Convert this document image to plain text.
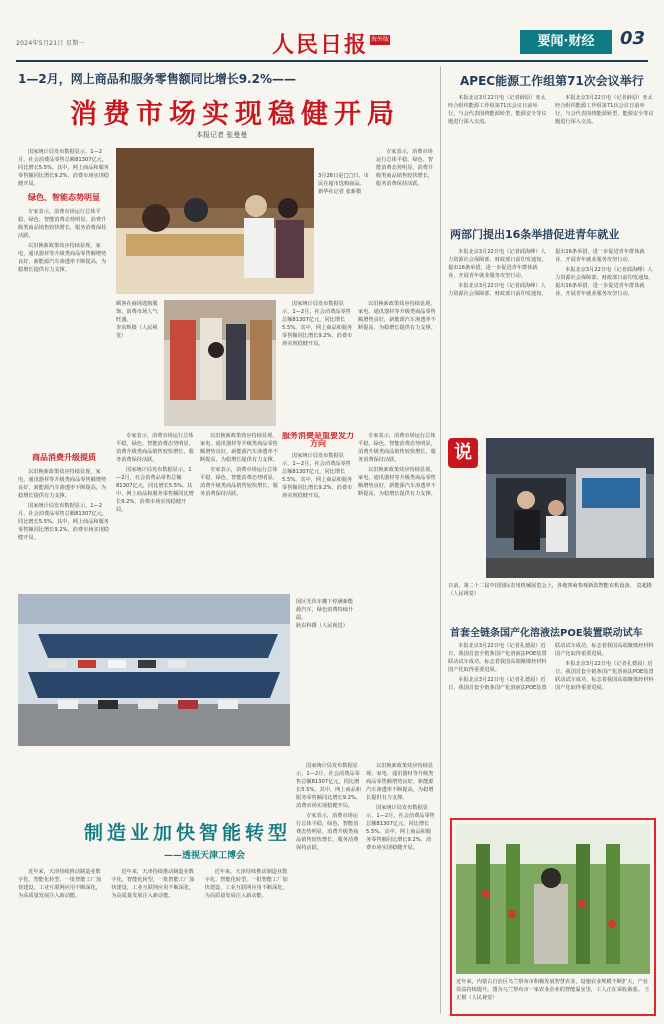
2024年5月21日 星期一	人民日报 海外版	要闻·财经	03
1—2月，网上商品和服务零售额同比增长9.2%——
消费市场实现稳健开局
本报记者 张曼曼

国家统计局发布数据显示，1—2月，社会消费品零售总额81307亿元，同比增长5.5%。其中，网上商品和服务零售额同比增长9.2%，消费市场实现稳健开局。

绿色、智能态势明显

专家表示，消费市场运行总体平稳，绿色、智能消费态势明显，消费升级类商品销售较快增长，服务消费保持活跃。

以旧换新政策效应持续显现，家电、通讯器材等升级类商品零售额增势良好，新能源汽车渗透率不断提高，为稳增长提供有力支撑。

商品消费升级提质

以旧换新政策效应持续显现，家电、通讯器材等升级类商品零售额增势良好，新能源汽车渗透率不断提高，为稳增长提供有力支撑。

国家统计局发布数据显示，1—2月，社会消费品零售总额81307亿元，同比增长5.5%。其中，网上商品和服务零售额同比增长9.2%，消费市场实现稳健开局。

3月26日是□□日，市民在超市选购商品。
新华社记者 张新摄

专家表示，消费市场运行总体平稳，绿色、智能消费态势明显，消费升级类商品销售较快增长，服务消费保持活跃。

顾客在商场选购服饰，消费市场人气旺盛。
李东辉摄（人民视觉）

国家统计局发布数据显示，1—2月，社会消费品零售总额81307亿元，同比增长5.5%。其中，网上商品和服务零售额同比增长9.2%，消费市场实现稳健开局。

以旧换新政策效应持续显现，家电、通讯器材等升级类商品零售额增势良好，新能源汽车渗透率不断提高，为稳增长提供有力支撑。

专家表示，消费市场运行总体平稳，绿色、智能消费态势明显，消费升级类商品销售较快增长，服务消费保持活跃。

国家统计局发布数据显示，1—2月，社会消费品零售总额81307亿元，同比增长5.5%。其中，网上商品和服务零售额同比增长9.2%，消费市场实现稳健开局。

以旧换新政策效应持续显现，家电、通讯器材等升级类商品零售额增势良好，新能源汽车渗透率不断提高，为稳增长提供有力支撑。

专家表示，消费市场运行总体平稳，绿色、智能消费态势明显，消费升级类商品销售较快增长，服务消费保持活跃。

服务消费是重要发力方向

国家统计局发布数据显示，1—2月，社会消费品零售总额81307亿元，同比增长5.5%。其中，网上商品和服务零售额同比增长9.2%，消费市场实现稳健开局。

专家表示，消费市场运行总体平稳，绿色、智能消费态势明显，消费升级类商品销售较快增长，服务消费保持活跃。

以旧换新政策效应持续显现，家电、通讯器材等升级类商品零售额增势良好，新能源汽车渗透率不断提高，为稳增长提供有力支撑。

园区光伏车棚下停满新能源汽车，绿色消费持续升温。
耿东科摄（人民视觉）

国家统计局发布数据显示，1—2月，社会消费品零售总额81307亿元，同比增长5.5%。其中，网上商品和服务零售额同比增长9.2%，消费市场实现稳健开局。

专家表示，消费市场运行总体平稳，绿色、智能消费态势明显，消费升级类商品销售较快增长，服务消费保持活跃。

以旧换新政策效应持续显现，家电、通讯器材等升级类商品零售额增势良好，新能源汽车渗透率不断提高，为稳增长提供有力支撑。

国家统计局发布数据显示，1—2月，社会消费品零售总额81307亿元，同比增长5.5%。其中，网上商品和服务零售额同比增长9.2%，消费市场实现稳健开局。

制造业加快智能转型
——透视天津工博会

近年来，天津持续推动制造业数字化、智能化转型，一批智能工厂加快建设，工业互联网应用不断深化，为高质量发展注入新动能。

近年来，天津持续推动制造业数字化、智能化转型，一批智能工厂加快建设，工业互联网应用不断深化，为高质量发展注入新动能。

近年来，天津持续推动制造业数字化、智能化转型，一批智能工厂加快建设，工业互联网应用不断深化，为高质量发展注入新动能。

APEC能源工作组第71次会议举行

本报北京3月22日电（记者薛原）亚太经合组织能源工作组第71次会议日前举行，与会代表围绕能源转型、能源安全等议题进行深入交流。

本报北京3月22日电（记者薛原）亚太经合组织能源工作组第71次会议日前举行，与会代表围绕能源转型、能源安全等议题进行深入交流。

两部门提出16条举措促进青年就业

本报北京3月22日电（记者邱海峰）人力资源社会保障部、财政部日前印发通知，提出16条举措，进一步促进青年群体就业，开展青年就业服务攻坚行动。

本报北京3月22日电（记者邱海峰）人力资源社会保障部、财政部日前印发通知，提出16条举措，进一步促进青年群体就业，开展青年就业服务攻坚行动。

本报北京3月22日电（记者邱海峰）人力资源社会保障部、财政部日前印发通知，提出16条举措，进一步促进青年群体就业，开展青年就业服务攻坚行动。

说
日前，第二十二届中国国际农用机械展览会上，各地客商参观新款智能农机设备。 袁超摄（人民视觉）
首套全链条国产化溶液法POE装置联动试车

本报北京3月22日电（记者孔德晨）近日，我国首套全链条国产化溶液法POE装置联动试车成功，标志着我国高端聚烯烃材料国产化取得重要进展。

本报北京3月22日电（记者孔德晨）近日，我国首套全链条国产化溶液法POE装置联动试车成功，标志着我国高端聚烯烃材料国产化取得重要进展。

本报北京3月22日电（记者孔德晨）近日，我国首套全链条国产化溶液法POE装置联动试车成功，标志着我国高端聚烯烃材料国产化取得重要进展。

近年来，内蒙古自治区乌兰察布市积极发展智慧农业，设施农业规模不断扩大，产业效益持续提升。图为乌兰察布市一家农业企业的智能温室里，工人正在采收番茄。 王正摄（人民视觉）
